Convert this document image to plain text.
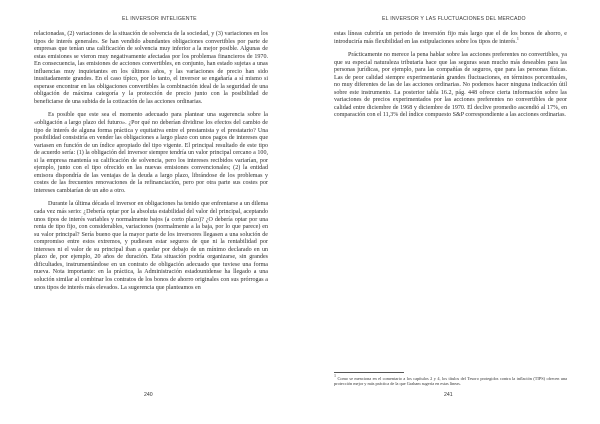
EL INVERSOR INTELIGENTE

relacionadas, (2) variaciones de la situación de solvencia de la sociedad, y (3) variaciones en los tipos de interés generales. Se han vendido abundantes obligaciones convertibles por parte de empresas que tenían una calificación de solvencia muy inferior a la mejor posible. Algunas de estas emisiones se vieron muy negativamente afectadas por los problemas financieros de 1970. En consecuencia, las emisiones de acciones convertibles, en conjunto, han estado sujetas a unas influencias muy inquietantes en los últimos años, y las variaciones de precio han sido inusitadamente grandes. En el caso típico, por lo tanto, el inversor se engañaría a sí mismo si esperase encontrar en las obligaciones convertibles la combinación ideal de la seguridad de una obligación de máxima categoría y la protección de precio junto con la posibilidad de beneficiarse de una subida de la cotización de las acciones ordinarias.

Es posible que este sea el momento adecuado para plantear una sugerencia sobre la «obligación a largo plazo del futuro». ¿Por qué no deberían dividirse los efectos del cambio de tipo de interés de alguna forma práctica y equitativa entre el prestamista y el prestatario? Una posibilidad consistiría en vender las obligaciones a largo plazo con unos pagos de intereses que variasen en función de un índice apropiado del tipo vigente. El principal resultado de este tipo de acuerdo sería: (1) la obligación del inversor siempre tendría un valor principal cercano a 100, si la empresa mantenía su calificación de solvencia, pero los intereses recibidos variarían, por ejemplo, junto con el tipo ofrecido en las nuevas emisiones convencionales; (2) la entidad emisora dispondría de las ventajas de la deuda a largo plazo, librándose de los problemas y costes de las frecuentes renovaciones de la refinanciación, pero por otra parte sus costes por intereses cambiarían de un año a otro.

Durante la última década el inversor en obligaciones ha tenido que enfrentarse a un dilema cada vez más serio: ¿Debería optar por la absoluta estabilidad del valor del principal, aceptando unos tipos de interés variables y normalmente bajos (a corto plazo)? ¿O debería optar por una renta de tipo fijo, con considerables, variaciones (normalmente a la baja, por lo que parece) en su valor principal? Sería bueno que la mayor parte de los inversores llegasen a una solución de compromiso entre estos extremos, y pudiesen estar seguros de que ni la rentabilidad por intereses ni el valor de su principal iban a quedar por debajo de un mínimo declarado en un plazo de, por ejemplo, 20 años de duración. Esta situación podría organizarse, sin grandes dificultades, instrumentándose en un contrato de obligación adecuado que tuviese una forma nueva. Nota importante: en la práctica, la Administración estadounidense ha llegado a una solución similar al combinar los contratos de los bonos de ahorro originales con sus prórrogas a unos tipos de interés más elevados. La sugerencia que planteamos en

240
EL INVERSOR Y LAS FLUCTUACIONES DEL MERCADO

estas líneas cubriría un periodo de inversión fijo más largo que el de los bonos de ahorro, e introduciría más flexibilidad en las estipulaciones sobre los tipos de interés.$^1$

Prácticamente no merece la pena hablar sobre las acciones preferentes no convertibles, ya que su especial naturaleza tributaria hace que las seguras sean mucho más deseables para las personas jurídicas, por ejemplo, para las compañías de seguros, que para las personas físicas. Las de peor calidad siempre experimentarán grandes fluctuaciones, en términos porcentuales, no muy diferentes de las de las acciones ordinarias. No podemos hacer ninguna indicación útil sobre este instrumento. La posterior tabla 16.2, pág. 448 ofrece cierta información sobre las variaciones de precios experimentados por las acciones preferentes no convertibles de peor calidad entre diciembre de 1968 y diciembre de 1970. El declive promedio ascendió al 17%, en comparación con el 11,3% del índice compuesto S&P correspondiente a las acciones ordinarias.

$^1$ Como se menciona en el comentario a los capítulos 2 y 4, los títulos del Tesoro protegidos contra la inflación (TIPS) ofrecen una protección mejor y más práctica de la que Graham sugería en estas líneas.
241
